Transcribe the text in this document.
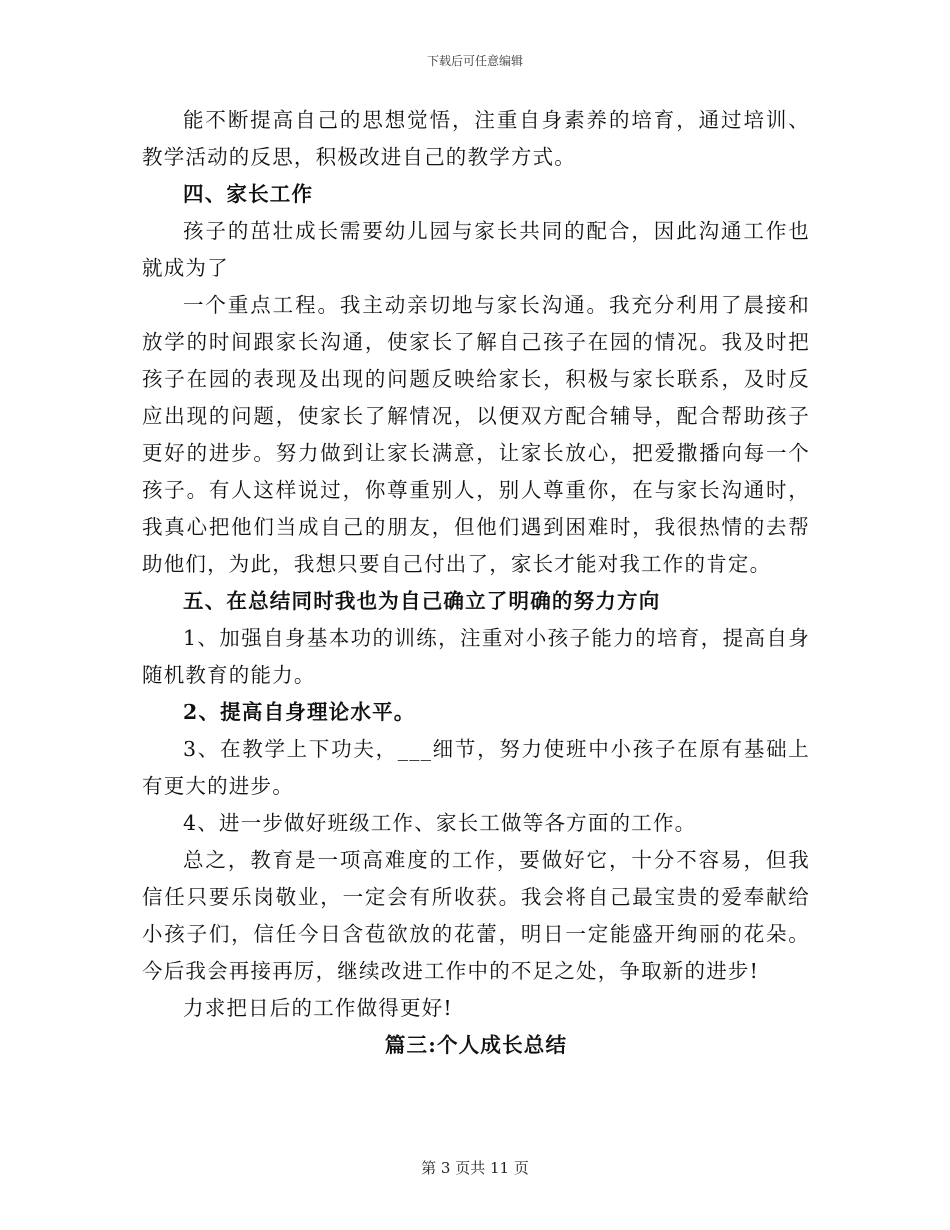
下载后可任意编辑

能不断提高自己的思想觉悟，注重自身素养的培育，通过培训、教学活动的反思，积极改进自己的教学方式。

四、家长工作

孩子的茁壮成长需要幼儿园与家长共同的配合，因此沟通工作也就成为了

一个重点工程。我主动亲切地与家长沟通。我充分利用了晨接和放学的时间跟家长沟通，使家长了解自己孩子在园的情况。我及时把孩子在园的表现及出现的问题反映给家长，积极与家长联系，及时反应出现的问题，使家长了解情况，以便双方配合辅导，配合帮助孩子更好的进步。努力做到让家长满意，让家长放心，把爱撒播向每一个孩子。有人这样说过，你尊重别人，别人尊重你，在与家长沟通时，我真心把他们当成自己的朋友，但他们遇到困难时，我很热情的去帮助他们，为此，我想只要自己付出了，家长才能对我工作的肯定。

五、在总结同时我也为自己确立了明确的努力方向

1、加强自身基本功的训练，注重对小孩子能力的培育，提高自身随机教育的能力。

2、提高自身理论水平。

3、在教学上下功夫，___细节，努力使班中小孩子在原有基础上有更大的进步。

4、进一步做好班级工作、家长工做等各方面的工作。

总之，教育是一项高难度的工作，要做好它，十分不容易，但我信任只要乐岗敬业，一定会有所收获。我会将自己最宝贵的爱奉献给小孩子们，信任今日含苞欲放的花蕾，明日一定能盛开绚丽的花朵。今后我会再接再厉，继续改进工作中的不足之处，争取新的进步!

力求把日后的工作做得更好!

篇三:个人成长总结

第 3 页共 11 页
